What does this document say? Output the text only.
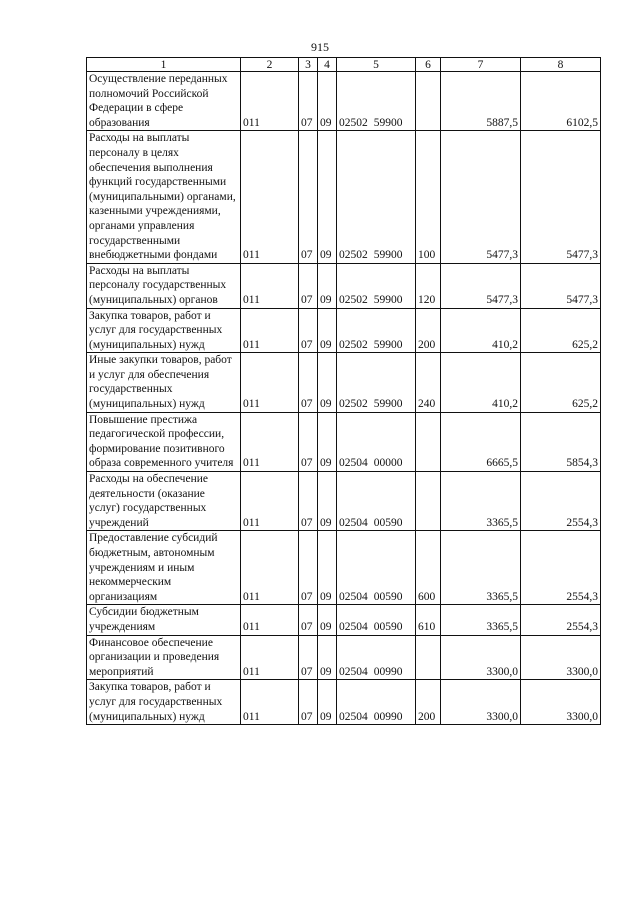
915
1	2	3	4	5	6	7	8
Осуществление переданных полномочий Российской Федерации в сфере образования	011	07	09	02502 59900		5887,5	6102,5
Расходы на выплаты персоналу в целях обеспечения выполнения функций государственными (муниципальными) органами, казенными учреждениями, органами управления государственными внебюджетными фондами	011	07	09	02502 59900	100	5477,3	5477,3
Расходы на выплаты персоналу государственных (муниципальных) органов	011	07	09	02502 59900	120	5477,3	5477,3
Закупка товаров, работ и услуг для государственных (муниципальных) нужд	011	07	09	02502 59900	200	410,2	625,2
Иные закупки товаров, работ и услуг для обеспечения государственных (муниципальных) нужд	011	07	09	02502 59900	240	410,2	625,2
Повышение престижа педагогической профессии, формирование позитивного образа современного учителя	011	07	09	02504 00000		6665,5	5854,3
Расходы на обеспечение деятельности (оказание услуг) государственных учреждений	011	07	09	02504 00590		3365,5	2554,3
Предоставление субсидий бюджетным, автономным учреждениям и иным некоммерческим организациям	011	07	09	02504 00590	600	3365,5	2554,3
Субсидии бюджетным учреждениям	011	07	09	02504 00590	610	3365,5	2554,3
Финансовое обеспечение организации и проведения мероприятий	011	07	09	02504 00990		3300,0	3300,0
Закупка товаров, работ и услуг для государственных (муниципальных) нужд	011	07	09	02504 00990	200	3300,0	3300,0
